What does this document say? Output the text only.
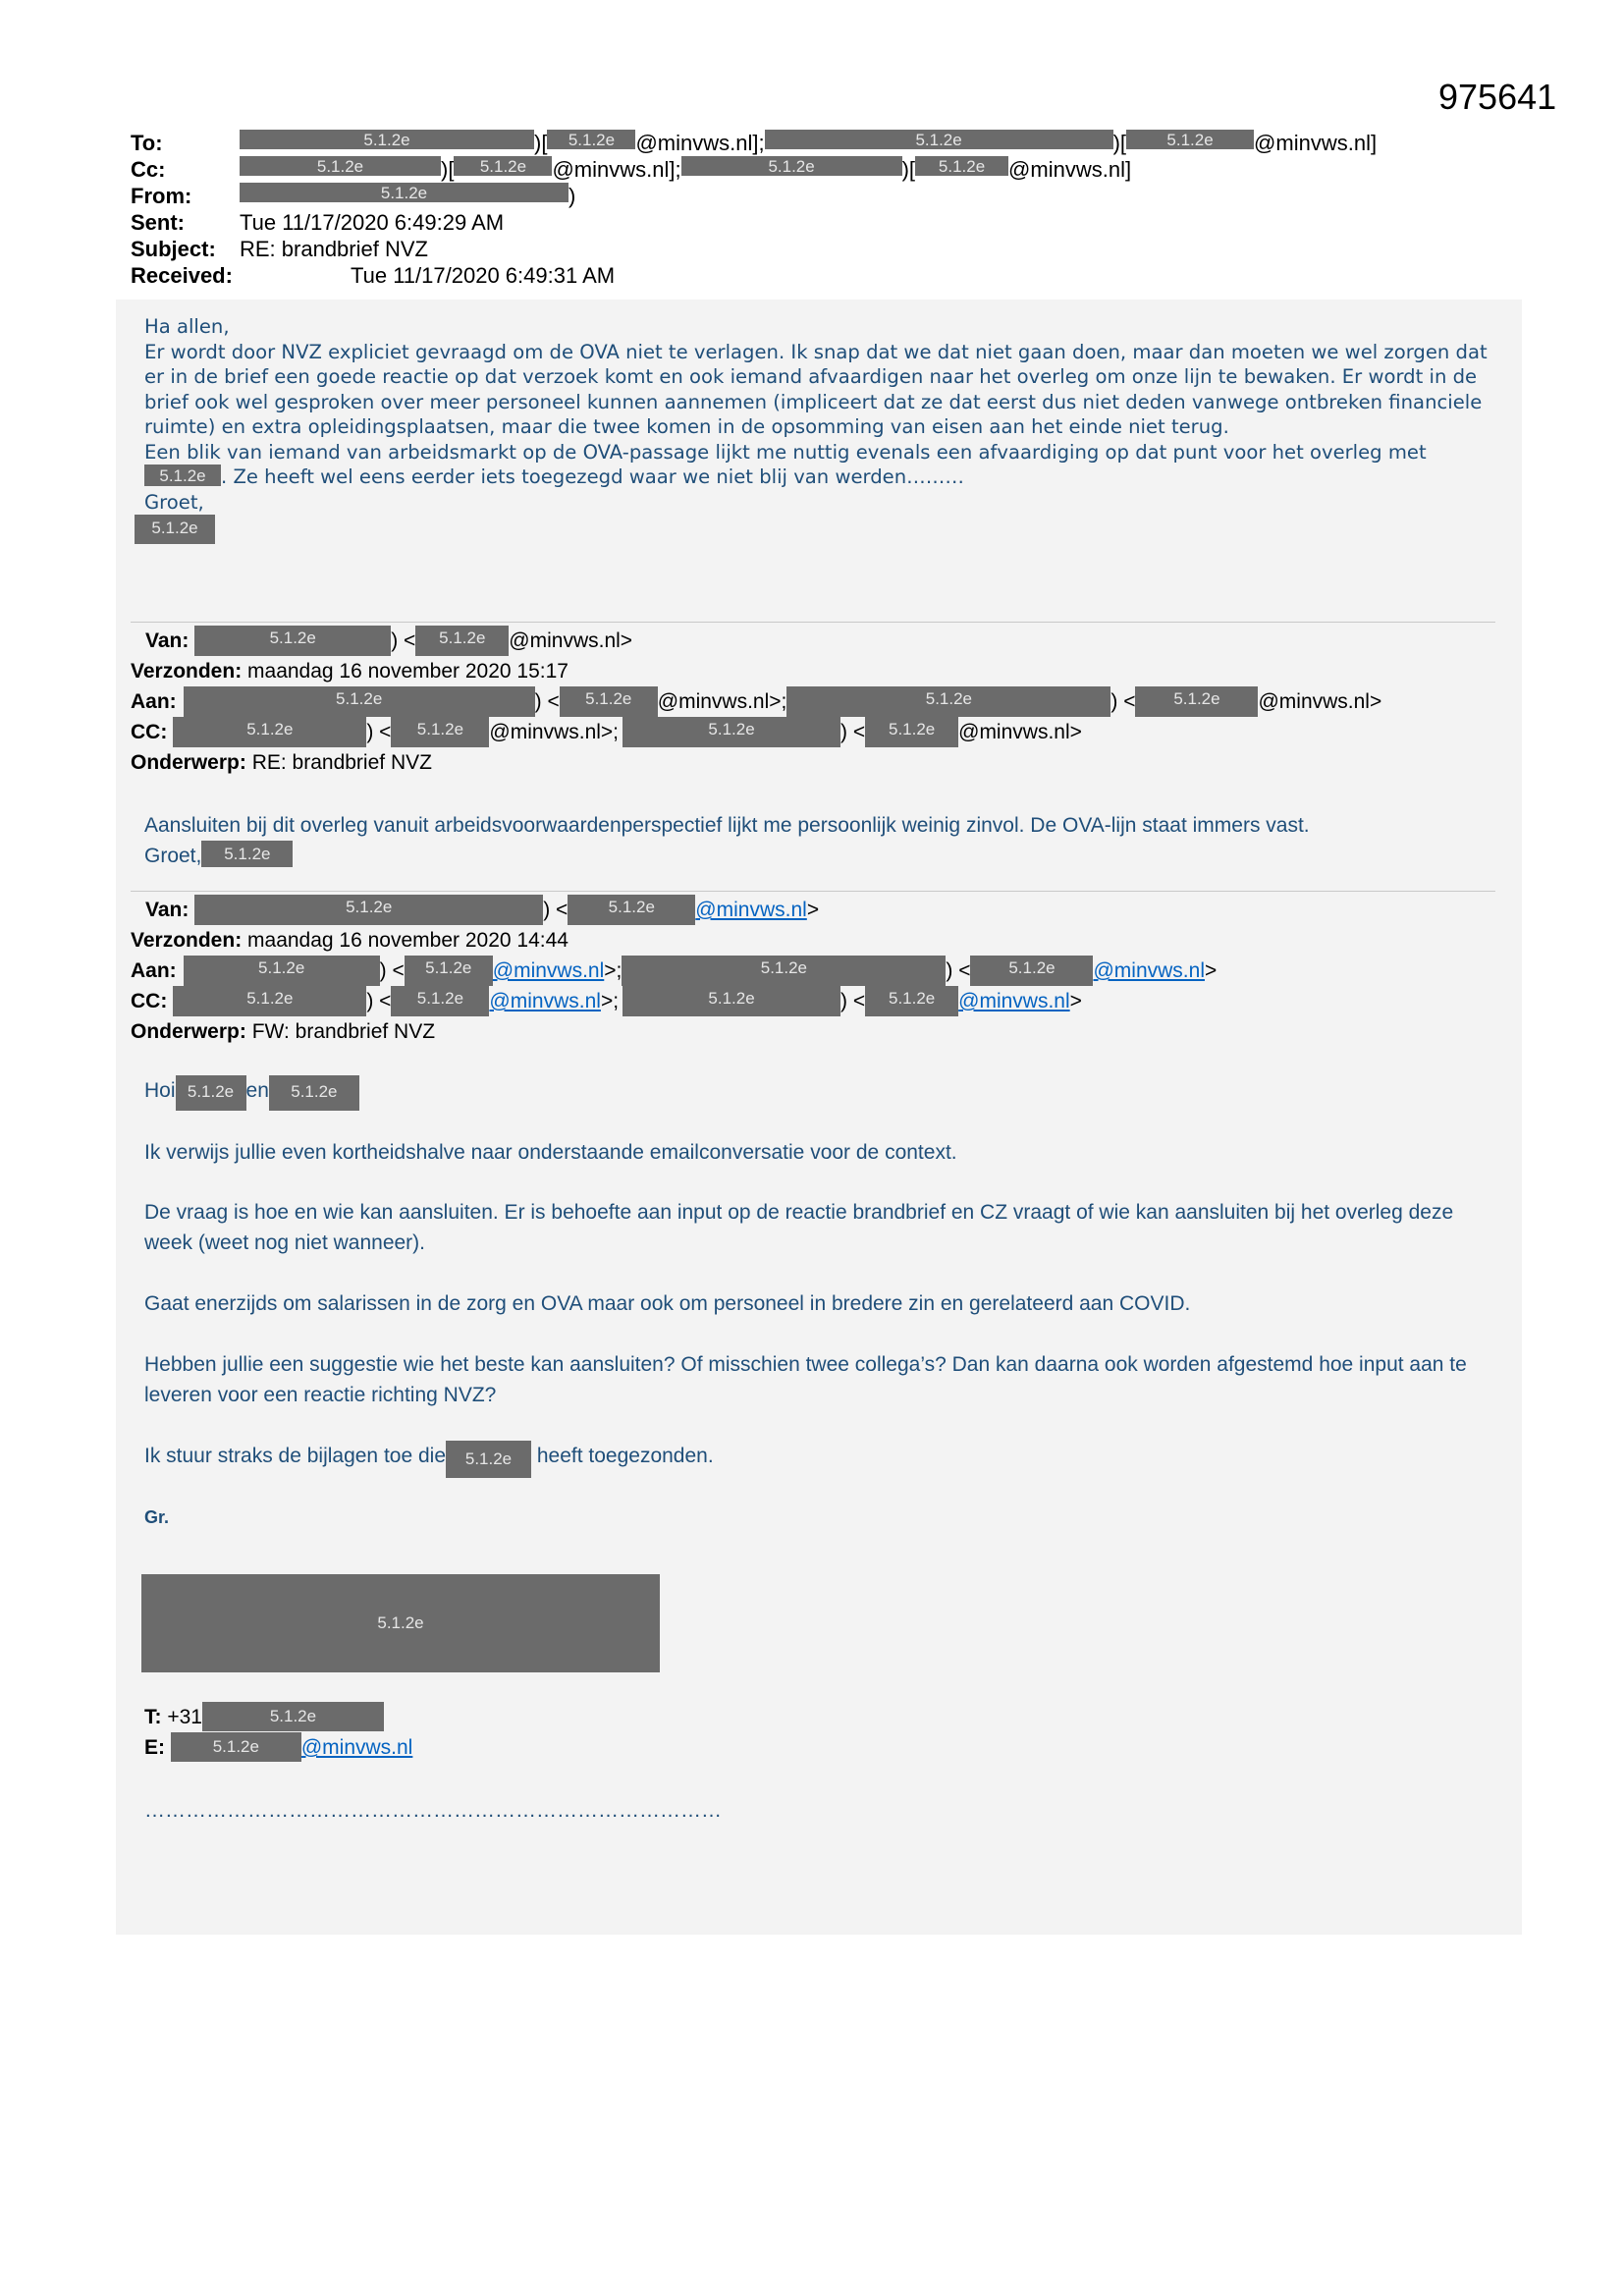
975641
To:	5.1.2e	)[ 5.1.2e @minvws.nl];	5.1.2e	)[ 5.1.2e @minvws.nl]
Cc:	5.1.2e	)[ 5.1.2e @minvws.nl];	5.1.2e	)[ 5.1.2e @minvws.nl]
From:	5.1.2e	)
Sent:	Tue 11/17/2020 6:49:29 AM
Subject: RE: brandbrief NVZ
Received:	Tue 11/17/2020 6:49:31 AM

Ha allen,

Er wordt door NVZ expliciet gevraagd om de OVA niet te verlagen. Ik snap dat we dat niet gaan doen, maar dan moeten we wel zorgen dat er in de brief een goede reactie op dat verzoek komt en ook iemand afvaardigen naar het overleg om onze lijn te bewaken. Er wordt in de brief ook wel gesproken over meer personeel kunnen aannemen (impliceert dat ze dat eerst dus niet deden vanwege ontbreken financiele ruimte) en extra opleidingsplaatsen, maar die twee komen in de opsomming van eisen aan het einde niet terug.

Een blik van iemand van arbeidsmarkt op de OVA-passage lijkt me nuttig evenals een afvaardiging op dat punt voor het overleg met 5.1.2e . Ze heeft wel eens eerder iets toegezegd waar we niet blij van werden………

Groet,

5.1.2e

Van:	5.1.2e	) < 5.1.2e @minvws.nl>
Verzonden: maandag 16 november 2020 15:17
Aan:	5.1.2e	) < 5.1.2e @minvws.nl>;	5.1.2e	) < 5.1.2e @minvws.nl>
CC:	5.1.2e	) < 5.1.2e @minvws.nl>;	5.1.2e	) < 5.1.2e @minvws.nl>
Onderwerp: RE: brandbrief NVZ

Aansluiten bij dit overleg vanuit arbeidsvoorwaardenperspectief lijkt me persoonlijk weinig zinvol. De OVA-lijn staat immers vast.

Groet, 5.1.2e

Van:	5.1.2e	) < 5.1.2e @minvws.nl>
Verzonden: maandag 16 november 2020 14:44
Aan:	5.1.2e	) < 5.1.2e @minvws.nl>;	5.1.2e	) < 5.1.2e @minvws.nl>
CC:	5.1.2e	) < 5.1.2e @minvws.nl>;	5.1.2e	) < 5.1.2e @minvws.nl>
Onderwerp: FW: brandbrief NVZ
Hoi 5.1.2e en 5.1.2e
Ik verwijs jullie even kortheidshalve naar onderstaande emailconversatie voor de context.
De vraag is hoe en wie kan aansluiten. Er is behoefte aan input op de reactie brandbrief en CZ vraagt of wie kan aansluiten bij het overleg deze week (weet nog niet wanneer).
Gaat enerzijds om salarissen in de zorg en OVA maar ook om personeel in bredere zin en gerelateerd aan COVID.
Hebben jullie een suggestie wie het beste kan aansluiten? Of misschien twee collega’s? Dan kan daarna ook worden afgestemd hoe input aan te leveren voor een reactie richting NVZ?
Ik stuur straks de bijlagen toe die 5.1.2e heeft toegezonden.
Gr.
5.1.2e
T: +31	5.1.2e
E:	5.1.2e @minvws.nl
…………………………………………………………………………
